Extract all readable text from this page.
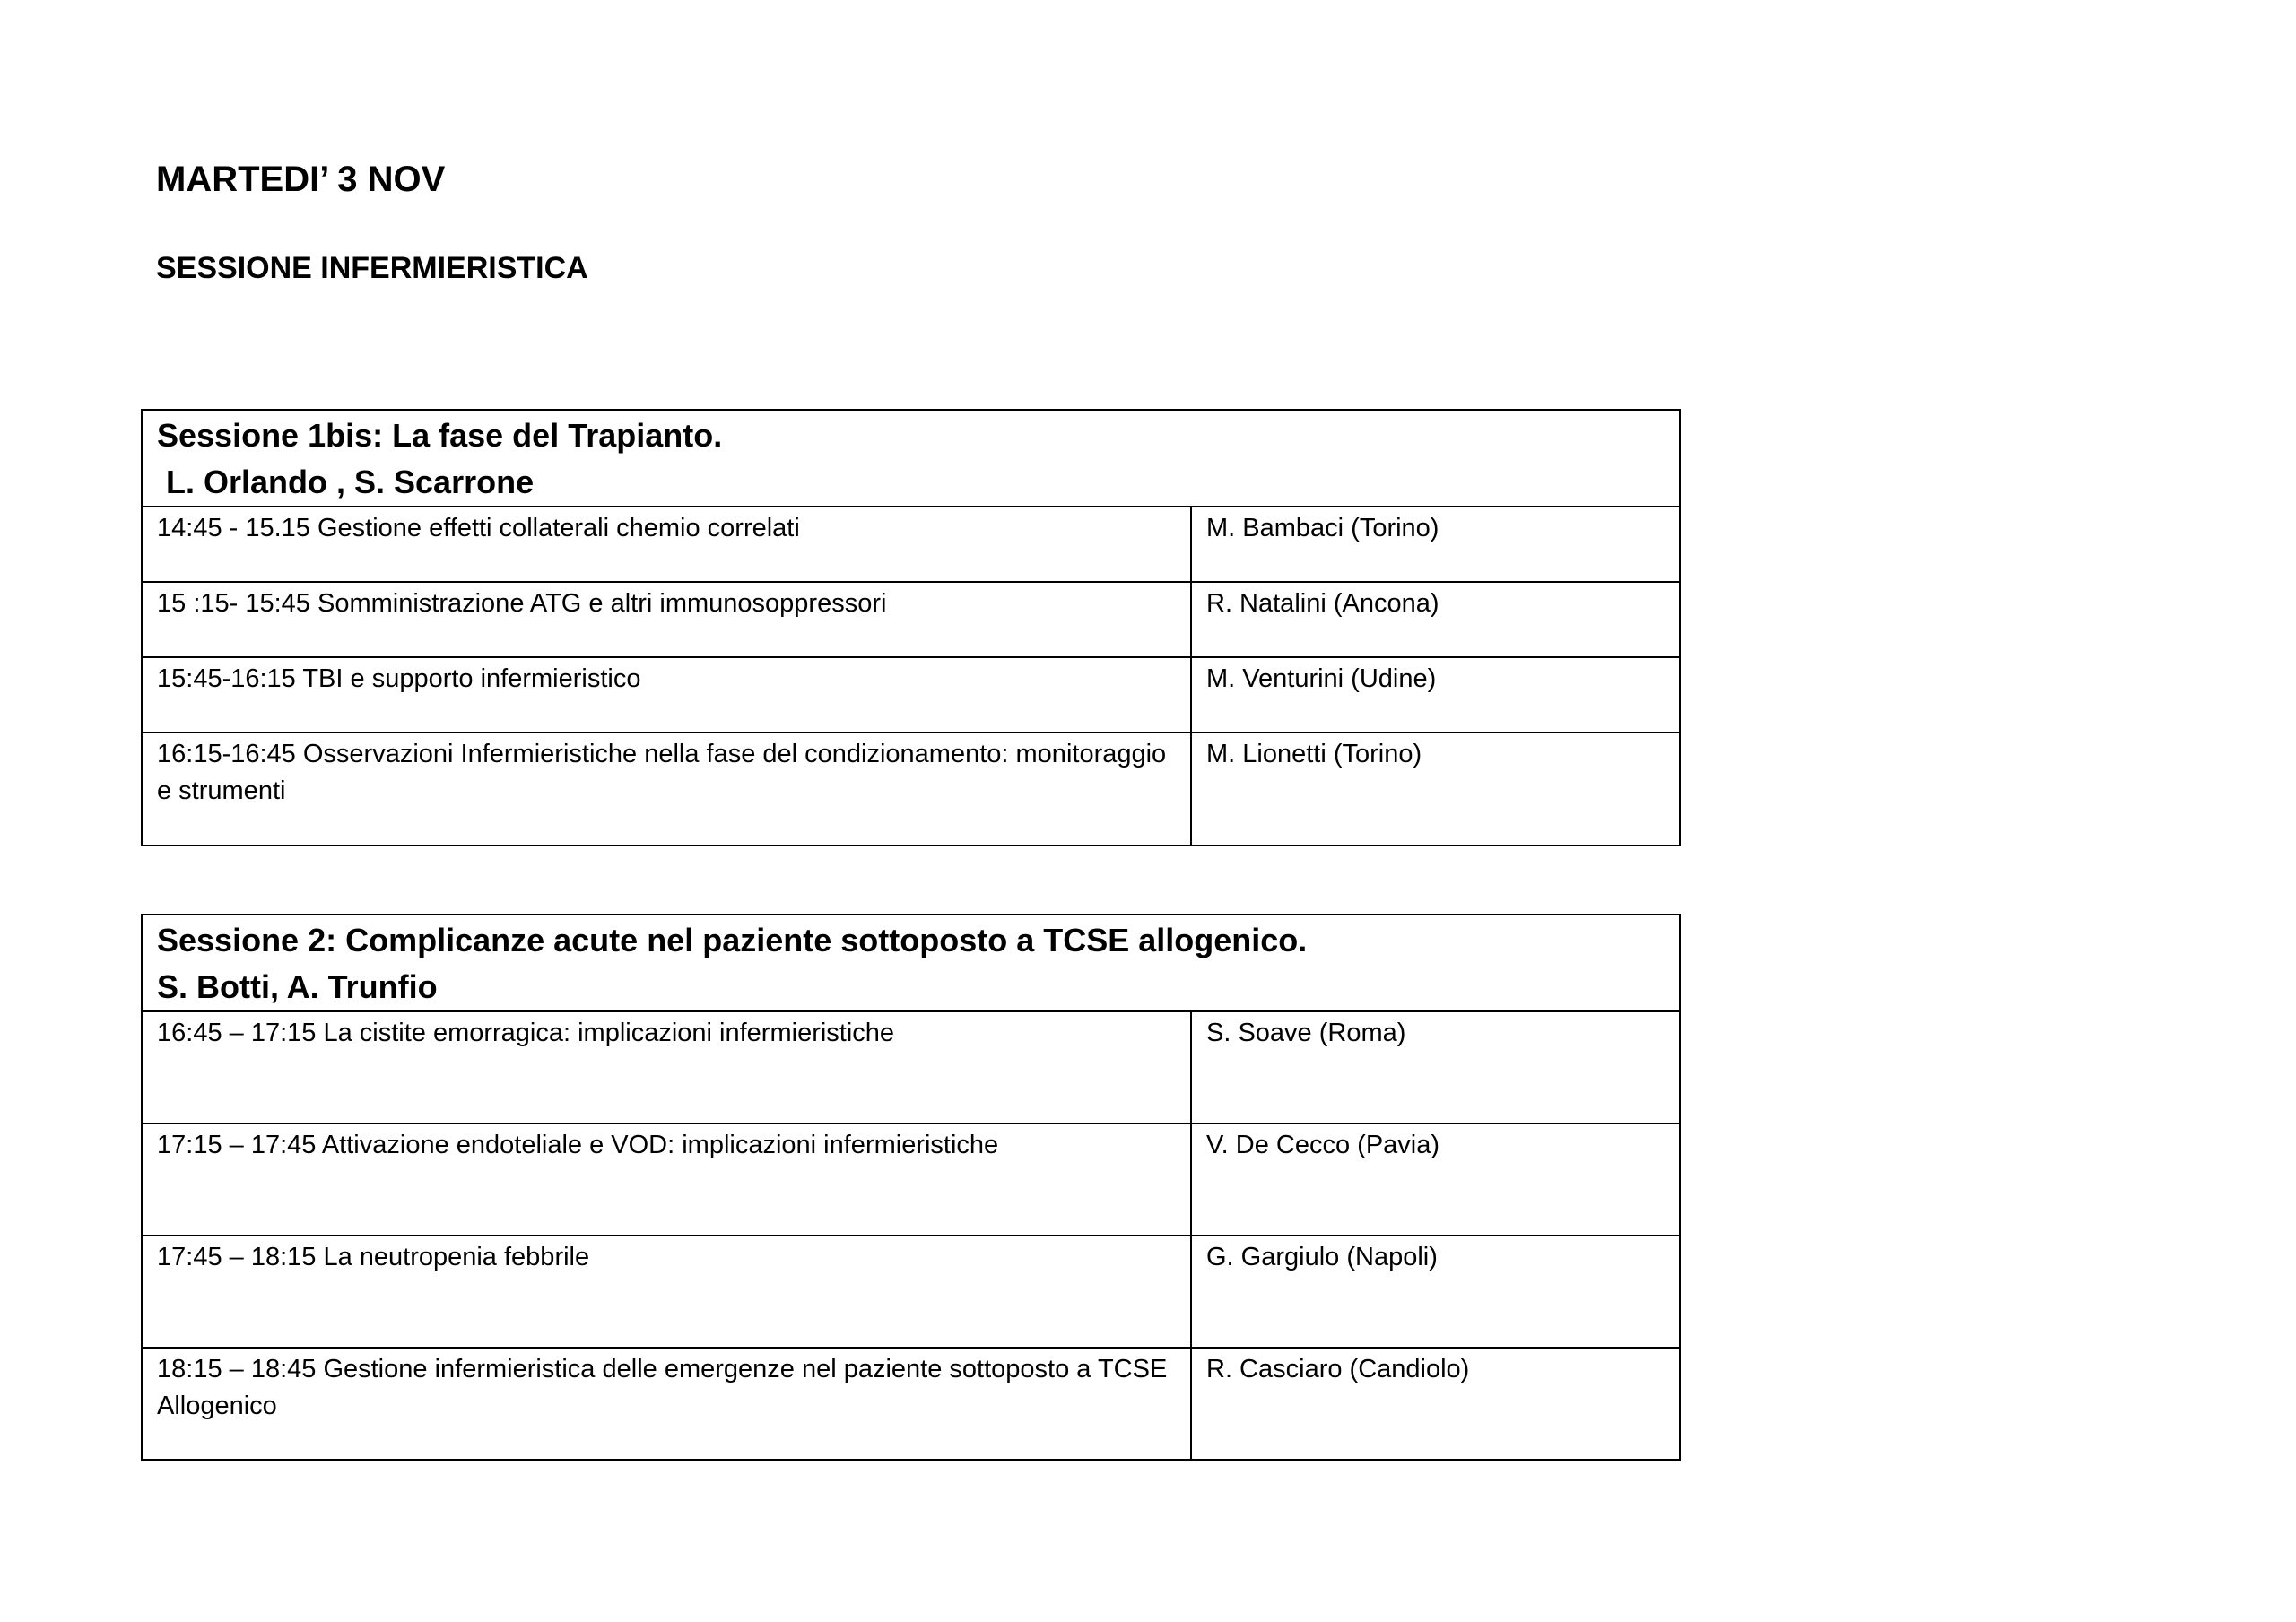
MARTEDI’ 3 NOV
SESSIONE INFERMIERISTICA
Sessione 1bis: La fase del Trapianto.
L. Orlando , S. Scarrone	

14:45 - 15.15 Gestione effetti collaterali chemio correlati	M. Bambaci (Torino)
15 :15- 15:45 Somministrazione ATG e altri immunosoppressori	R. Natalini (Ancona)
15:45-16:15 TBI e supporto infermieristico	M. Venturini (Udine)
16:15-16:45 Osservazioni Infermieristiche nella fase del condizionamento: monitoraggio e strumenti	M. Lionetti (Torino)
Sessione 2: Complicanze acute nel paziente sottoposto a TCSE allogenico.
S. Botti, A. Trunfio	

16:45 – 17:15 La cistite emorragica: implicazioni infermieristiche	S. Soave (Roma)
17:15 – 17:45 Attivazione endoteliale e VOD: implicazioni infermieristiche	V. De Cecco (Pavia)
17:45 – 18:15 La neutropenia febbrile	G. Gargiulo (Napoli)
18:15 – 18:45 Gestione infermieristica delle emergenze nel paziente sottoposto a TCSE Allogenico	R. Casciaro (Candiolo)
